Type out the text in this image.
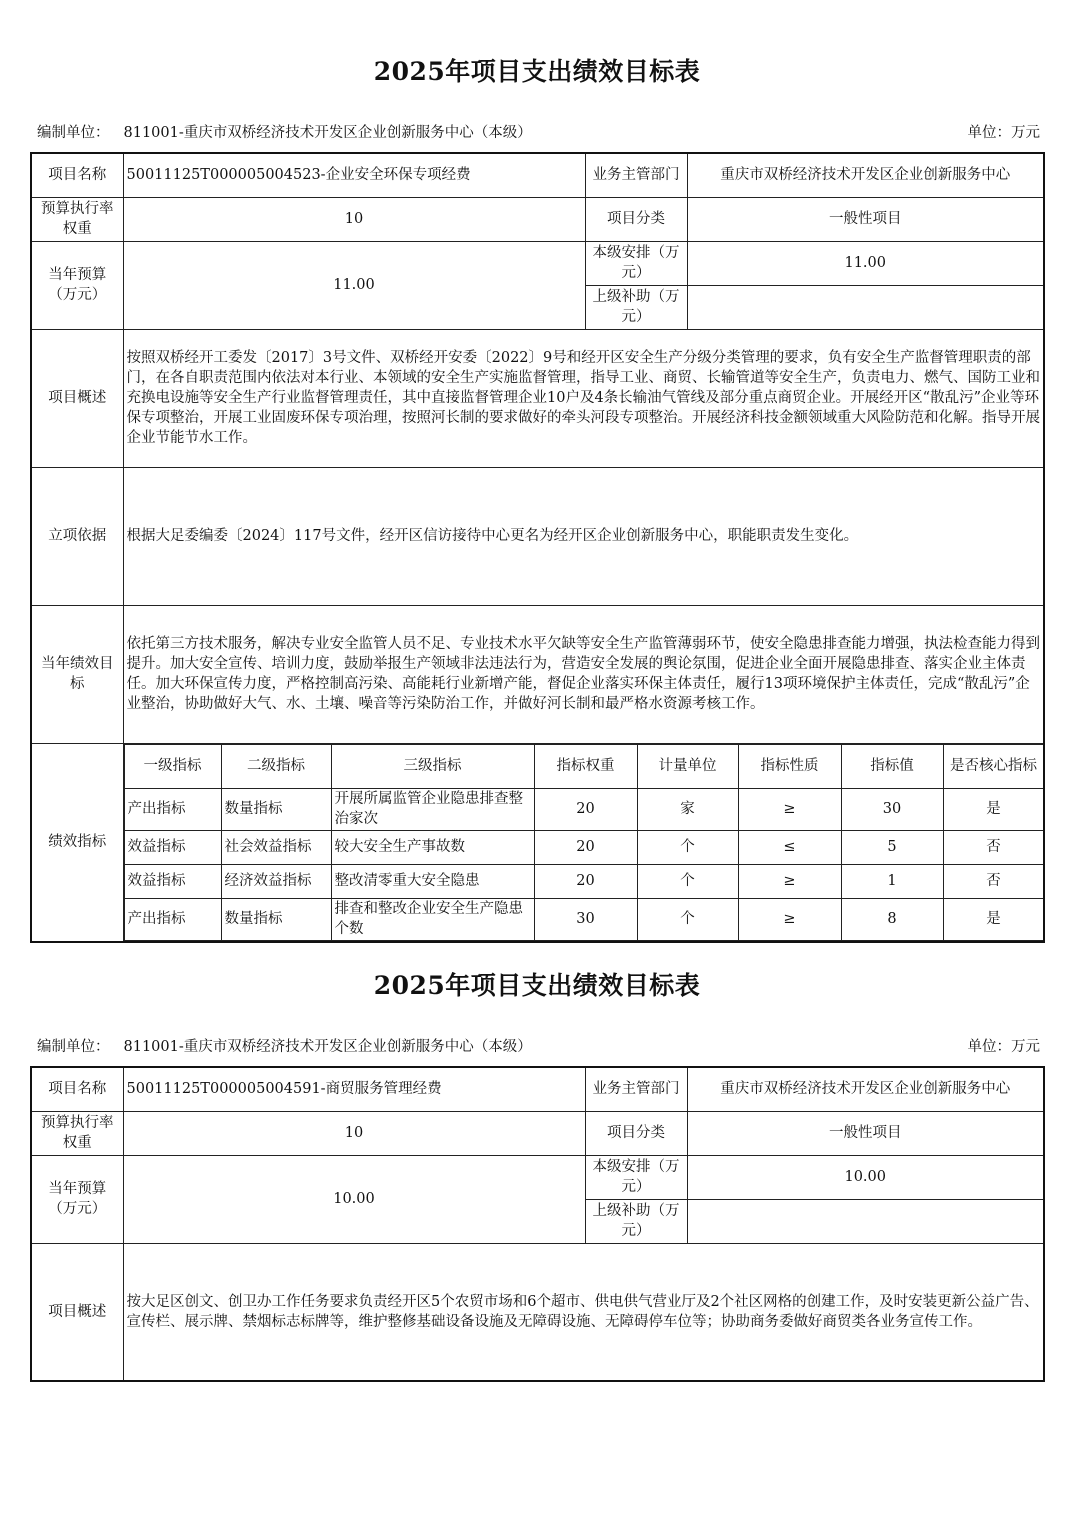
2025年项目支出绩效目标表
编制单位： 811001-重庆市双桥经济技术开发区企业创新服务中心（本级）	单位：万元
项目名称	50011125T000005004523-企业安全环保专项经费	业务主管部门	重庆市双桥经济技术开发区企业创新服务中心
预算执行率权重	10	项目分类	一般性项目
当年预算（万元）	11.00	本级安排（万元）	11.00
上级补助（万元）	
项目概述	按照双桥经开工委发〔2017〕3号文件、双桥经开安委〔2022〕9号和经开区安全生产分级分类管理的要求，负有安全生产监督管理职责的部门，在各自职责范围内依法对本行业、本领域的安全生产实施监督管理，指导工业、商贸、长输管道等安全生产，负责电力、燃气、国防工业和充换电设施等安全生产行业监督管理责任，其中直接监督管理企业10户及4条长输油气管线及部分重点商贸企业。开展经开区“散乱污”企业等环保专项整治，开展工业固废环保专项治理，按照河长制的要求做好的牵头河段专项整治。开展经济科技金额领域重大风险防范和化解。指导开展企业节能节水工作。
立项依据	根据大足委编委〔2024〕117号文件，经开区信访接待中心更名为经开区企业创新服务中心，职能职责发生变化。
当年绩效目标	依托第三方技术服务，解决专业安全监管人员不足、专业技术水平欠缺等安全生产监管薄弱环节，使安全隐患排查能力增强，执法检查能力得到提升。加大安全宣传、培训力度，鼓励举报生产领域非法违法行为，营造安全发展的舆论氛围，促进企业全面开展隐患排查、落实企业主体责任。加大环保宣传力度，严格控制高污染、高能耗行业新增产能，督促企业落实环保主体责任，履行13项环境保护主体责任，完成“散乱污”企业整治，协助做好大气、水、土壤、噪音等污染防治工作，并做好河长制和最严格水资源考核工作。
绩效指标	
一级指标	二级指标	三级指标	指标权重	计量单位	指标性质	指标值	是否核心指标
产出指标	数量指标	开展所属监管企业隐患排查整治家次	20	家	≥	30	是
效益指标	社会效益指标	较大安全生产事故数	20	个	≤	5	否
效益指标	经济效益指标	整改清零重大安全隐患	20	个	≥	1	否
产出指标	数量指标	排查和整改企业安全生产隐患个数	30	个	≥	8	是
2025年项目支出绩效目标表
编制单位： 811001-重庆市双桥经济技术开发区企业创新服务中心（本级）	单位：万元
项目名称	50011125T000005004591-商贸服务管理经费	业务主管部门	重庆市双桥经济技术开发区企业创新服务中心
预算执行率权重	10	项目分类	一般性项目
当年预算（万元）	10.00	本级安排（万元）	10.00
		上级补助（万元）	
项目概述	按大足区创文、创卫办工作任务要求负责经开区5个农贸市场和6个超市、供电供气营业厅及2个社区网格的创建工作，及时安装更新公益广告、宣传栏、展示牌、禁烟标志标牌等，维护整修基础设备设施及无障碍设施、无障碍停车位等；协助商务委做好商贸类各业务宣传工作。		
